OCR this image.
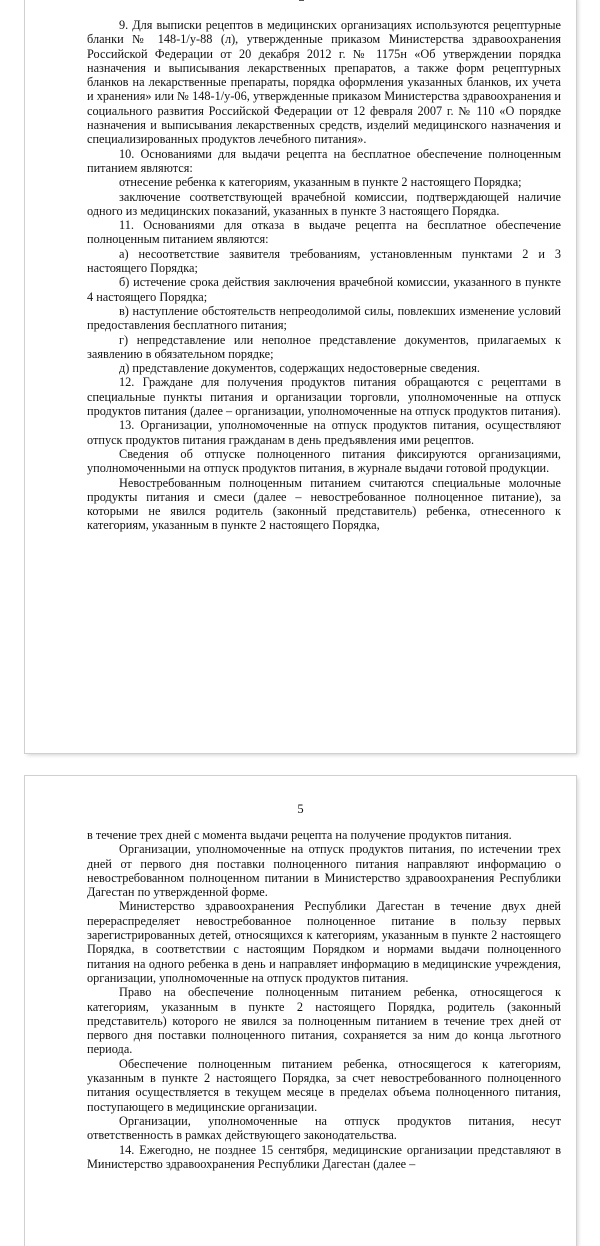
9. Для выписки рецептов в медицинских организациях используются рецептурные бланки № 148-1/у-88 (л), утвержденные приказом Министерства здравоохранения Российской Федерации от 20 декабря 2012 г. № 1175н «Об утверждении порядка назначения и выписывания лекарственных препаратов, а также форм рецептурных бланков на лекарственные препараты, порядка оформления указанных бланков, их учета и хранения» или № 148-1/у-06, утвержденные приказом Министерства здравоохранения и социального развития Российской Федерации от 12 февраля 2007 г. № 110 «О порядке назначения и выписывания лекарственных средств, изделий медицинского назначения и специализированных продуктов лечебного питания».

10. Основаниями для выдачи рецепта на бесплатное обеспечение полноценным питанием являются:

отнесение ребенка к категориям, указанным в пункте 2 настоящего Порядка;

заключение соответствующей врачебной комиссии, подтверждающей наличие одного из медицинских показаний, указанных в пункте 3 настоящего Порядка.

11. Основаниями для отказа в выдаче рецепта на бесплатное обеспечение полноценным питанием являются:

а) несоответствие заявителя требованиям, установленным пунктами 2 и 3 настоящего Порядка;

б) истечение срока действия заключения врачебной комиссии, указанного в пункте 4 настоящего Порядка;

в) наступление обстоятельств непреодолимой силы, повлекших изменение условий предоставления бесплатного питания;

г) непредставление или неполное представление документов, прилагаемых к заявлению в обязательном порядке;

д) представление документов, содержащих недостоверные сведения.

12. Граждане для получения продуктов питания обращаются с рецептами в специальные пункты питания и организации торговли, уполномоченные на отпуск продуктов питания (далее – организации, уполномоченные на отпуск продуктов питания).

13. Организации, уполномоченные на отпуск продуктов питания, осуществляют отпуск продуктов питания гражданам в день предъявления ими рецептов.

Сведения об отпуске полноценного питания фиксируются организациями, уполномоченными на отпуск продуктов питания, в журнале выдачи готовой продукции.

Невостребованным полноценным питанием считаются специальные молочные продукты питания и смеси (далее – невостребованное полноценное питание), за которыми не явился родитель (законный представитель) ребенка, отнесенного к категориям, указанным в пункте 2 настоящего Порядка,

5

в течение трех дней с момента выдачи рецепта на получение продуктов питания.

Организации, уполномоченные на отпуск продуктов питания, по истечении трех дней от первого дня поставки полноценного питания направляют информацию о невостребованном полноценном питании в Министерство здравоохранения Республики Дагестан по утвержденной форме.

Министерство здравоохранения Республики Дагестан в течение двух дней перераспределяет невостребованное полноценное питание в пользу первых зарегистрированных детей, относящихся к категориям, указанным в пункте 2 настоящего Порядка, в соответствии с настоящим Порядком и нормами выдачи полноценного питания на одного ребенка в день и направляет информацию в медицинские учреждения, организации, уполномоченные на отпуск продуктов питания.

Право на обеспечение полноценным питанием ребенка, относящегося к категориям, указанным в пункте 2 настоящего Порядка, родитель (законный представитель) которого не явился за полноценным питанием в течение трех дней от первого дня поставки полноценного питания, сохраняется за ним до конца льготного периода.

Обеспечение полноценным питанием ребенка, относящегося к категориям, указанным в пункте 2 настоящего Порядка, за счет невостребованного полноценного питания осуществляется в текущем месяце в пределах объема полноценного питания, поступающего в медицинские организации.

Организации, уполномоченные на отпуск продуктов питания, несут ответственность в рамках действующего законодательства.

14. Ежегодно, не позднее 15 сентября, медицинские организации представляют в Министерство здравоохранения Республики Дагестан (далее –
